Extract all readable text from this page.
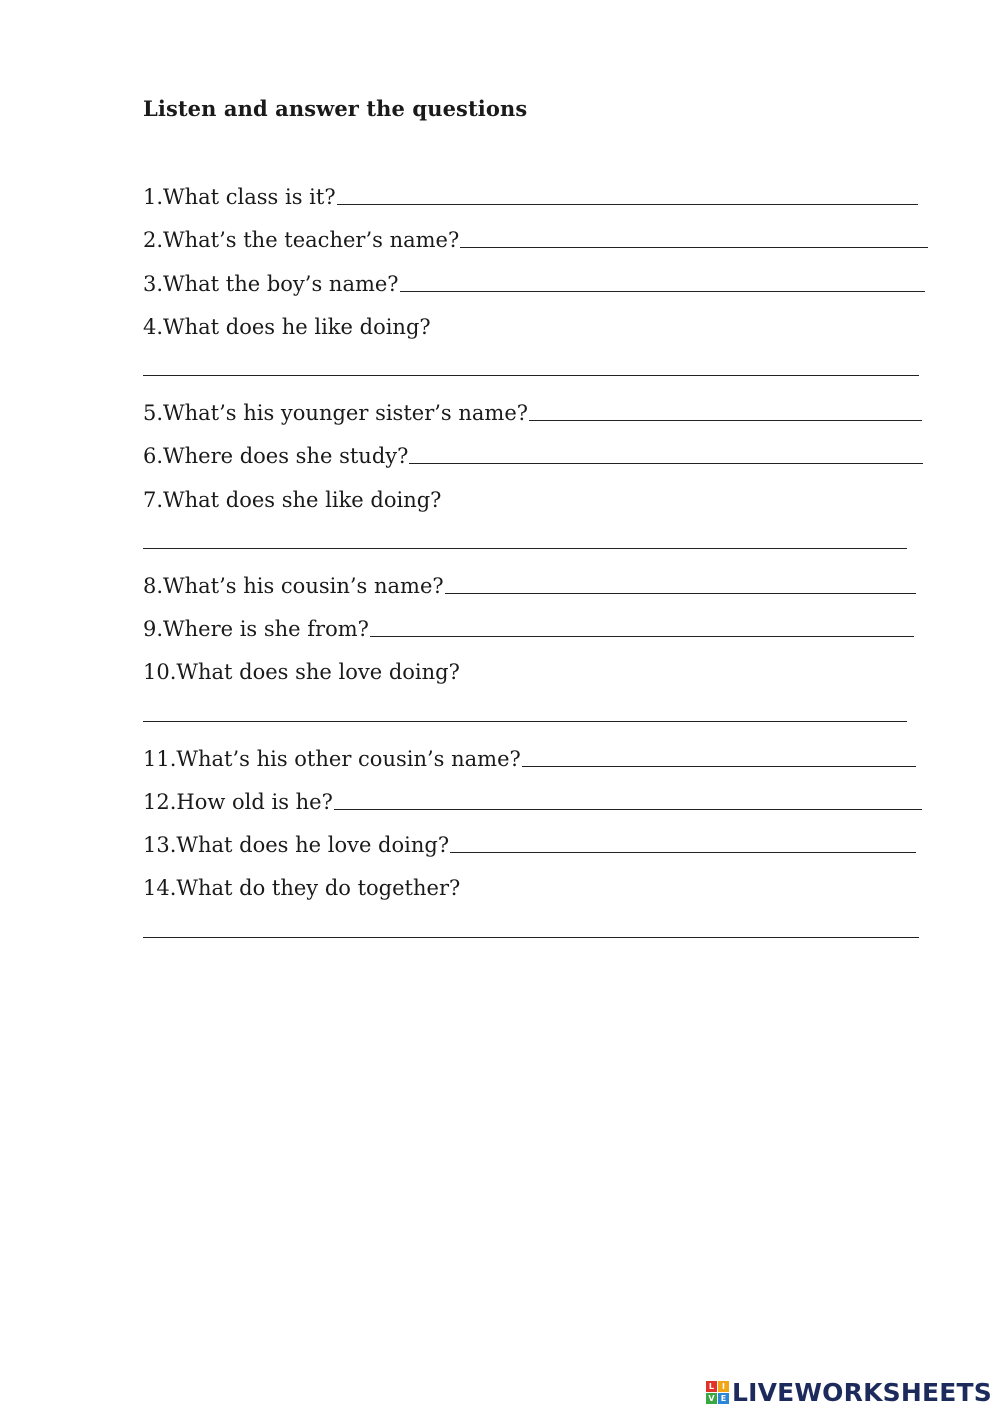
Listen and answer the questions
1.What class is it?
2.What’s the teacher’s name?
3.What the boy’s name?
4.What does he like doing?
5.What’s his younger sister’s name?
6.Where does she study?
7.What does she like doing?
8.What’s his cousin’s name?
9.Where is she from?
10.What does she love doing?
11.What’s his other cousin’s name?
12.How old is he?
13.What does he love doing?
14.What do they do together?
L I
V E LIVEWORKSHEETS
